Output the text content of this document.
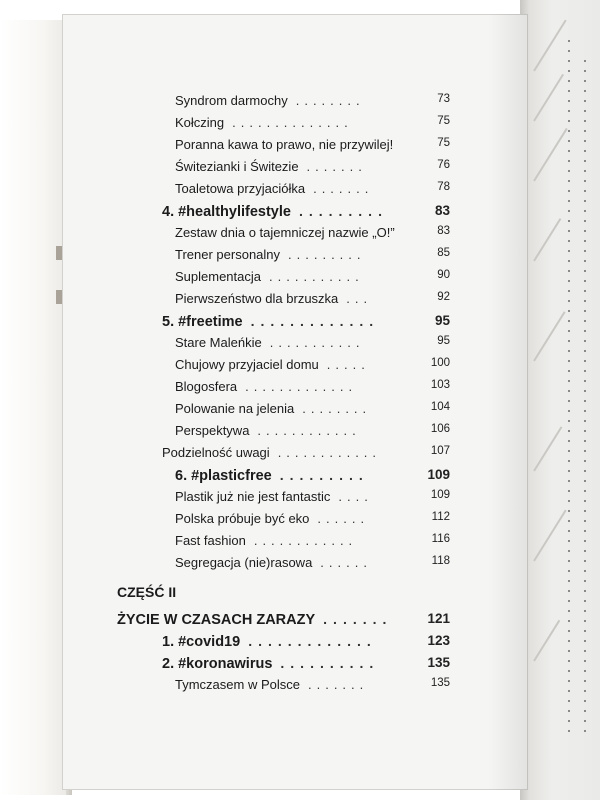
CZĘŚĆ II
Syndrom darmochy ........	73
Kołczing ..............	75
Poranna kawa to prawo, nie przywilej!	75
Świtezianki i Świtezie .......	76
Toaletowa przyjaciółka .......	78
4. #healthylifestyle .........	83
Zestaw dnia o tajemniczej nazwie „O!”	83
Trener personalny .........	85
Suplementacja ...........	90
Pierwszeństwo dla brzuszka ...	92
5. #freetime .............	95
Stare Maleńkie ...........	95
Chujowy przyjaciel domu .....	100
Blogosfera .............	103
Polowanie na jelenia ........	104
Perspektywa ............	106
Podzielność uwagi ............	107
6. #plasticfree .........	109
Plastik już nie jest fantastic ....	109
Polska próbuje być eko ......	112
Fast fashion ............	116
Segregacja (nie)rasowa ......	118
ŻYCIE W CZASACH ZARAZY .......	121
1. #covid19 .............	123
2. #koronawirus ..........	135
Tymczasem w Polsce .......	135
